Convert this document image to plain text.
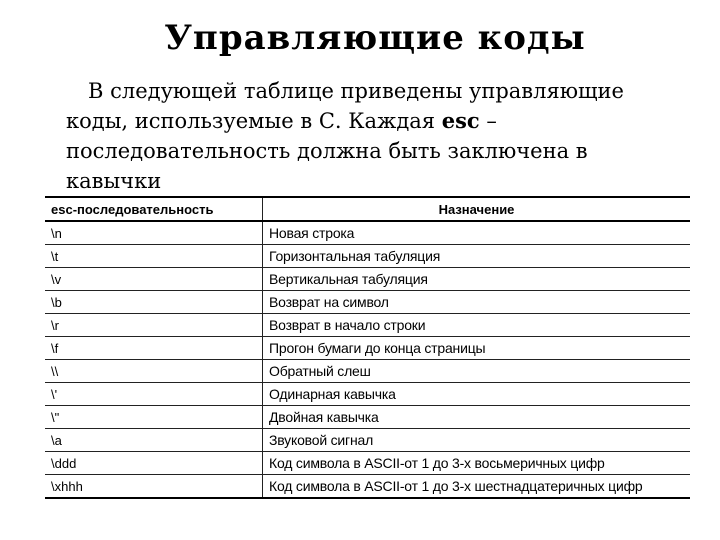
Управляющие коды
В следующей таблице приведены управляющие коды, используемые в С. Каждая esc – последовательность должна быть заключена в кавычки
esc-последовательность	Назначение
\n	Новая строка
\t	Горизонтальная табуляция
\v	Вертикальная табуляция
\b	Возврат на символ
\r	Возврат в начало строки
\f	Прогон бумаги до конца страницы
\\	Обратный слеш
\'	Одинарная кавычка
\"	Двойная кавычка
\a	Звуковой сигнал
\ddd	Код символа в ASCII-от 1 до 3-х восьмеричных цифр
\xhhh	Код символа в ASCII-от 1 до 3-х шестнадцатеричных цифр
